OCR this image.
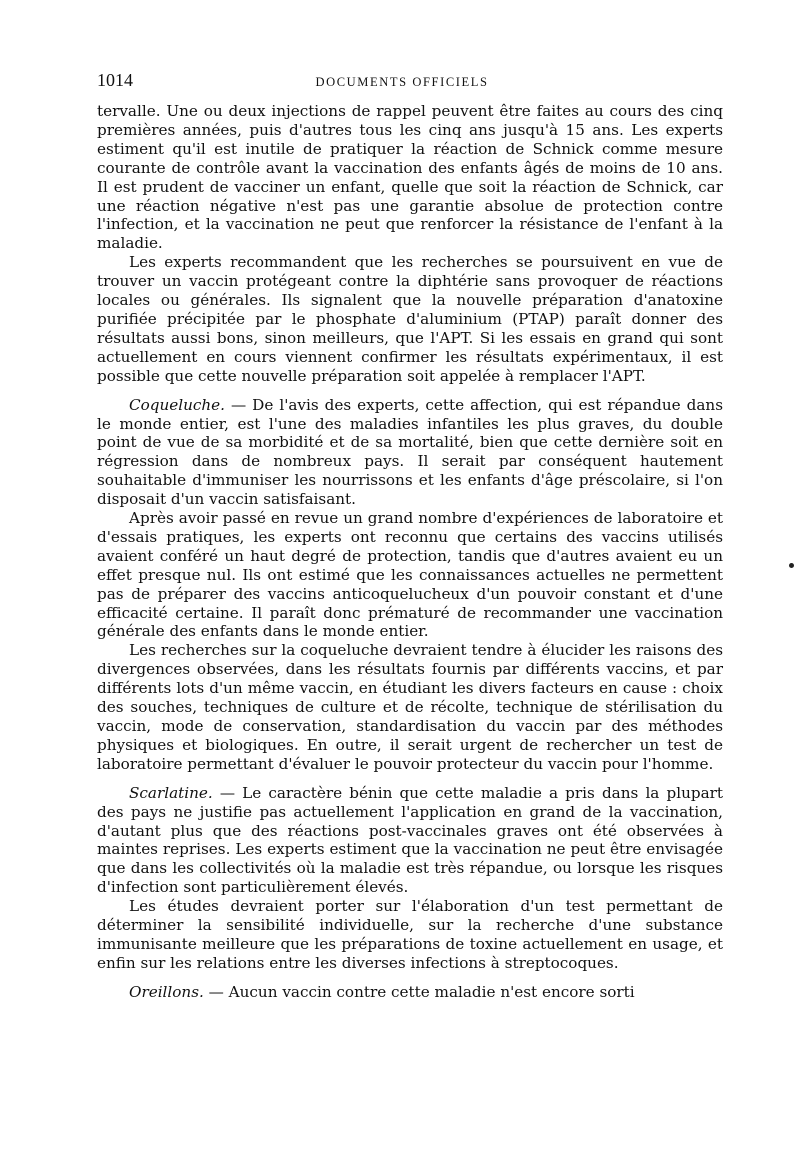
1014	DOCUMENTS OFFICIELS

tervalle. Une ou deux injections de rappel peuvent être faites au cours des cinq premières années, puis d'autres tous les cinq ans jusqu'à 15 ans. Les experts estiment qu'il est inutile de pratiquer la réaction de Schnick comme mesure courante de contrôle avant la vaccination des enfants âgés de moins de 10 ans. Il est prudent de vacciner un enfant, quelle que soit la réaction de Schnick, car une réaction négative n'est pas une garantie absolue de protection contre l'infection, et la vaccination ne peut que renforcer la résistance de l'enfant à la maladie.

Les experts recommandent que les recherches se poursuivent en vue de trouver un vaccin protégeant contre la diphtérie sans provoquer de réactions locales ou générales. Ils signalent que la nouvelle préparation d'anatoxine purifiée précipitée par le phosphate d'aluminium (PTAP) paraît donner des résultats aussi bons, sinon meilleurs, que l'APT. Si les essais en grand qui sont actuellement en cours viennent confirmer les résultats expérimentaux, il est possible que cette nouvelle préparation soit appelée à remplacer l'APT.

Coqueluche. — De l'avis des experts, cette affection, qui est répandue dans le monde entier, est l'une des maladies infantiles les plus graves, du double point de vue de sa morbidité et de sa mortalité, bien que cette dernière soit en régression dans de nombreux pays. Il serait par conséquent hautement souhaitable d'immuniser les nourrissons et les enfants d'âge préscolaire, si l'on disposait d'un vaccin satisfaisant.

Après avoir passé en revue un grand nombre d'expériences de laboratoire et d'essais pratiques, les experts ont reconnu que certains des vaccins utilisés avaient conféré un haut degré de protection, tandis que d'autres avaient eu un effet presque nul. Ils ont estimé que les connaissances actuelles ne permettent pas de préparer des vaccins anticoquelucheux d'un pouvoir constant et d'une efficacité certaine. Il paraît donc prématuré de recommander une vaccination générale des enfants dans le monde entier.

Les recherches sur la coqueluche devraient tendre à élucider les raisons des divergences observées, dans les résultats fournis par différents vaccins, et par différents lots d'un même vaccin, en étudiant les divers facteurs en cause : choix des souches, techniques de culture et de récolte, technique de stérilisation du vaccin, mode de conservation, standardisation du vaccin par des méthodes physiques et biologiques. En outre, il serait urgent de rechercher un test de laboratoire permettant d'évaluer le pouvoir protecteur du vaccin pour l'homme.

Scarlatine. — Le caractère bénin que cette maladie a pris dans la plupart des pays ne justifie pas actuellement l'application en grand de la vaccination, d'autant plus que des réactions post-vaccinales graves ont été observées à maintes reprises. Les experts estiment que la vaccination ne peut être envisagée que dans les collectivités où la maladie est très répandue, ou lorsque les risques d'infection sont particulièrement élevés.

Les études devraient porter sur l'élaboration d'un test permettant de déterminer la sensibilité individuelle, sur la recherche d'une substance immunisante meilleure que les préparations de toxine actuellement en usage, et enfin sur les relations entre les diverses infections à streptocoques.

Oreillons. — Aucun vaccin contre cette maladie n'est encore sorti
